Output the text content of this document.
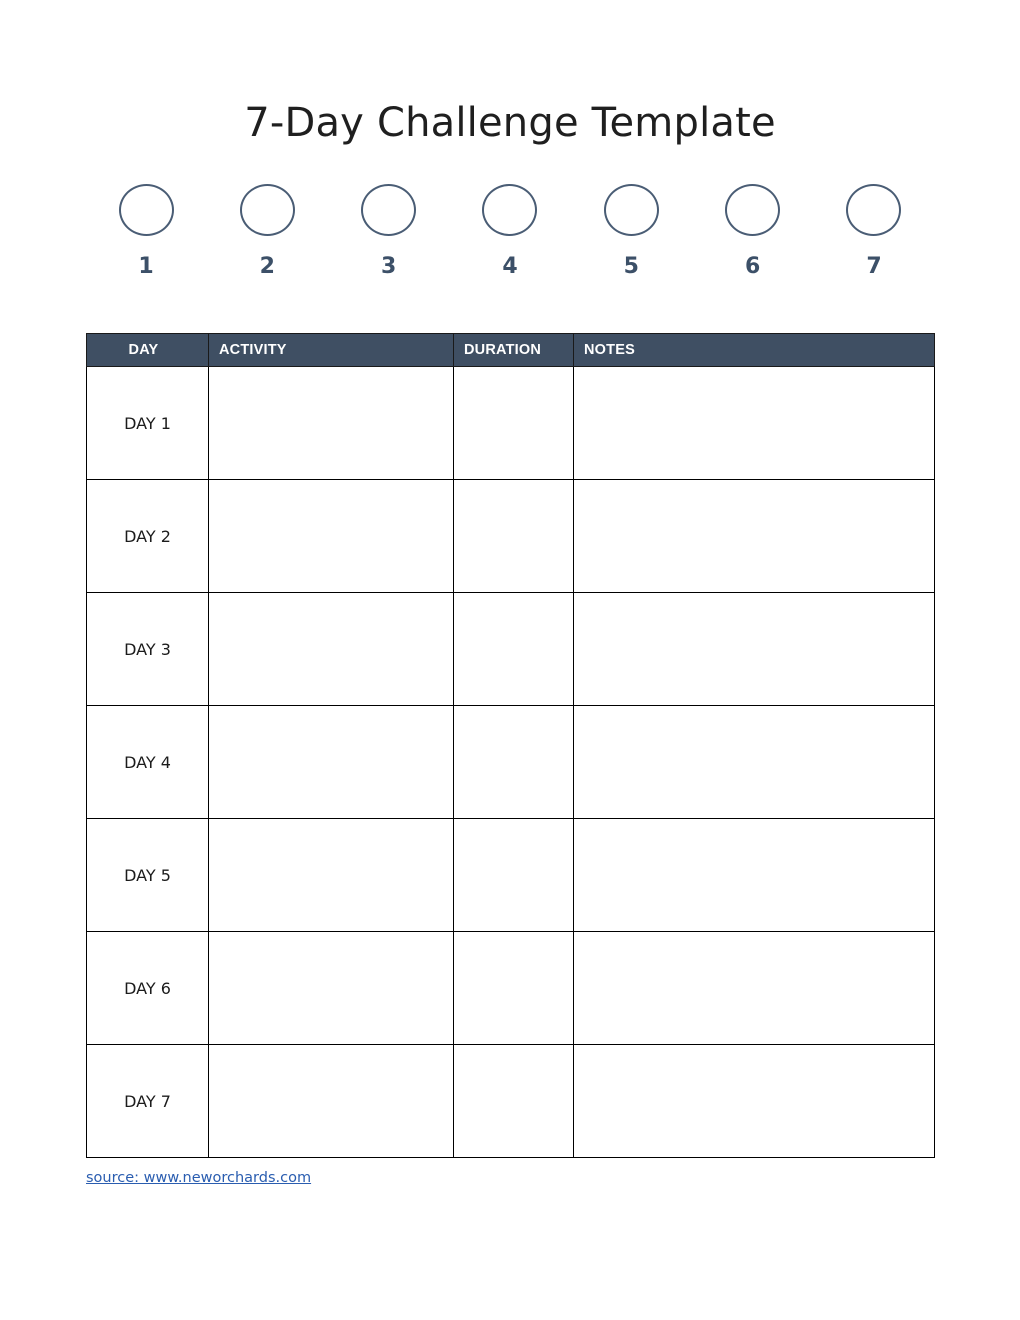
7-Day Challenge Template
1	2	3	4	5	6	7
DAY	ACTIVITY	DURATION	NOTES
DAY 1			
DAY 2			
DAY 3			
DAY 4			
DAY 5			
DAY 6			
DAY 7			
source: www.neworchards.com
